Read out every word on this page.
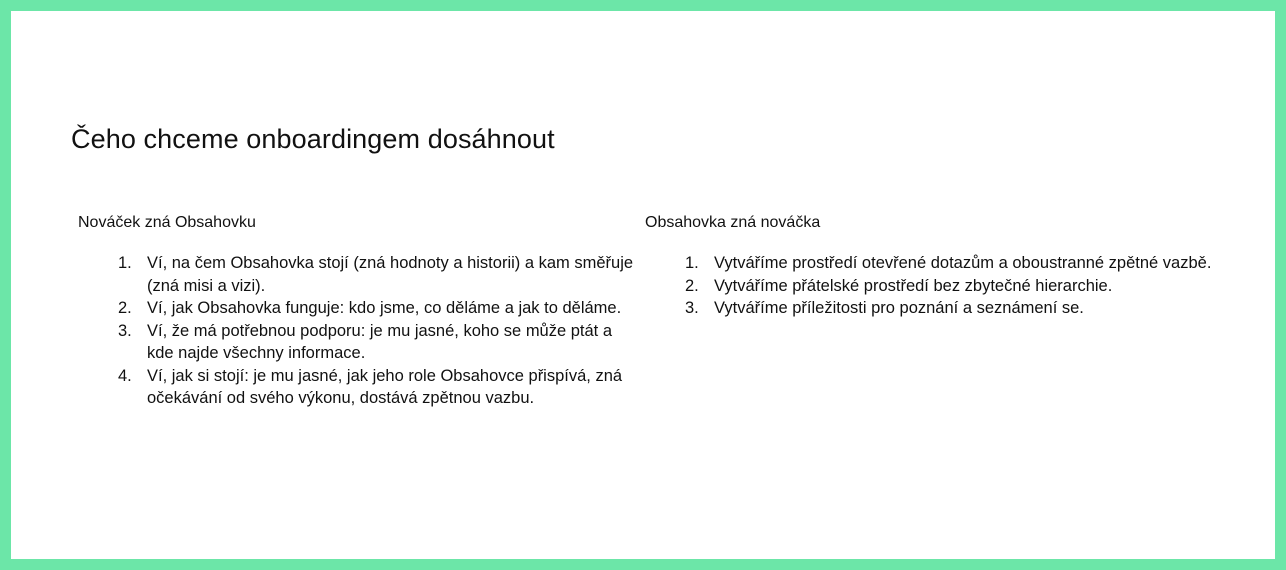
Čeho chceme onboardingem dosáhnout
Nováček zná Obsahovku
1. Ví, na čem Obsahovka stojí (zná hodnoty a historii) a kam směřuje (zná misi a vizi).
2. Ví, jak Obsahovka funguje: kdo jsme, co děláme a jak to děláme.
3. Ví, že má potřebnou podporu: je mu jasné, koho se může ptát a kde najde všechny informace.
4. Ví, jak si stojí: je mu jasné, jak jeho role Obsahovce přispívá, zná očekávání od svého výkonu, dostává zpětnou vazbu.
Obsahovka zná nováčka
1. Vytváříme prostředí otevřené dotazům a oboustranné zpětné vazbě.
2. Vytváříme přátelské prostředí bez zbytečné hierarchie.
3. Vytváříme příležitosti pro poznání a seznámení se.
